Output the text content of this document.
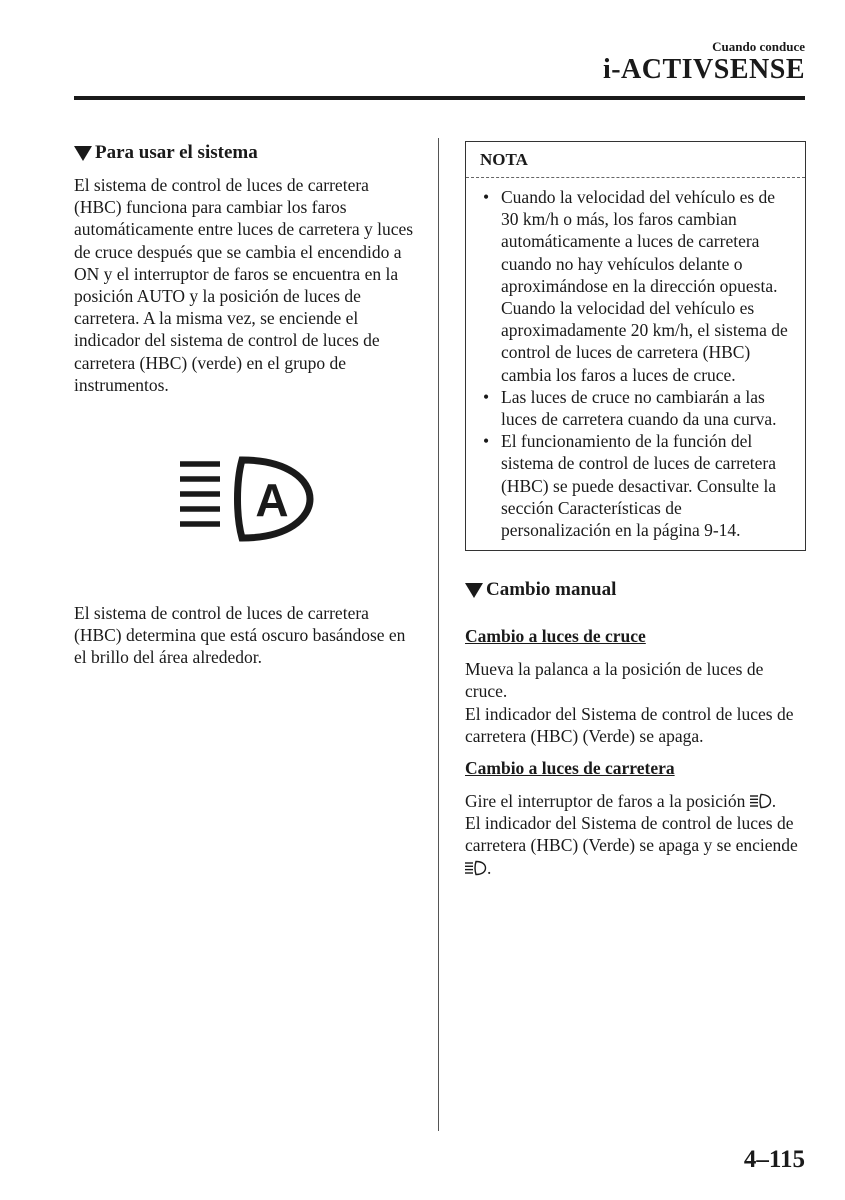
Cuando conduce
i-ACTIVSENSE
Para usar el sistema

El sistema de control de luces de carretera (HBC) funciona para cambiar los faros automáticamente entre luces de carretera y luces de cruce después que se cambia el encendido a ON y el interruptor de faros se encuentra en la posición AUTO y la posición de luces de carretera. A la misma vez, se enciende el indicador del sistema de control de luces de carretera (HBC) (verde) en el grupo de instrumentos.

A

El sistema de control de luces de carretera (HBC) determina que está oscuro basándose en el brillo del área alrededor.

NOTA
• Cuando la velocidad del vehículo es de 30 km/h o más, los faros cambian automáticamente a luces de carretera cuando no hay vehículos delante o aproximándose en la dirección opuesta.
Cuando la velocidad del vehículo es aproximadamente 20 km/h, el sistema de control de luces de carretera (HBC) cambia los faros a luces de cruce.
• Las luces de cruce no cambiarán a las luces de carretera cuando da una curva.
• El funcionamiento de la función del sistema de control de luces de carretera (HBC) se puede desactivar. Consulte la sección Características de personalización en la página 9-14.
Cambio manual
Cambio a luces de cruce

Mueva la palanca a la posición de luces de cruce.
El indicador del Sistema de control de luces de carretera (HBC) (Verde) se apaga.

Cambio a luces de carretera

Gire el interruptor de faros a la posición .
El indicador del Sistema de control de luces de carretera (HBC) (Verde) se apaga y se enciende .

4–115
